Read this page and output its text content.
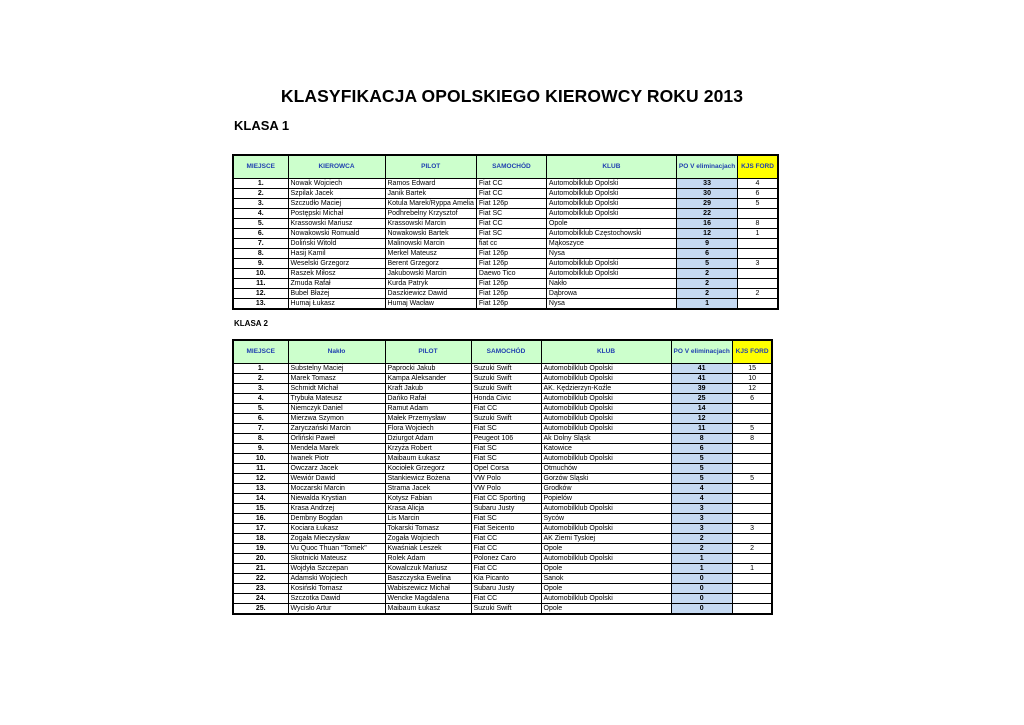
KLASYFIKACJA OPOLSKIEGO KIEROWCY ROKU 2013
KLASA 1
MIEJSCE	KIEROWCA	PILOT	SAMOCHÓD	KLUB	PO V eliminacjach	KJS FORD
1.	Nowak Wojciech	Ramos Edward	Fiat CC	Automobilklub Opolski	33	4
2.	Szpilak Jacek	Janik Bartek	Fiat CC	Automobilklub Opolski	30	6
3.	Szczudło Maciej	Kotula Marek/Ryppa Amelia	Fiat 126p	Automobilklub Opolski	29	5
4.	Postępski Michał	Podhrebelny Krzysztof	Fiat SC	Automobilklub Opolski	22	
5.	Krassowski Mariusz	Krassowski Marcin	Fiat CC	Opole	16	8
6.	Nowakowski Romuald	Nowakowski Bartek	Fiat SC	Automobilklub Częstochowski	12	1
7.	Doliński Witold	Malinowski Marcin	fiat cc	Mąkoszyce	9	
8.	Hasij Kamil	Merkel Mateusz	Fiat 126p	Nysa	6	
9.	Weselski Grzegorz	Berent Grzegorz	Fiat 126p	Automobilklub Opolski	5	3
10.	Raszek Miłosz	Jakubowski Marcin	Daewo Tico	Automobilklub Opolski	2	
11.	Zmuda Rafał	Kurda Patryk	Fiat 126p	Nakło	2	
12.	Bubel Błażej	Daszkiewicz Dawid	Fiat 126p	Dąbrowa	2	2
13.	Humaj Łukasz	Humaj Wacław	Fiat 126p	Nysa	1	
KLASA 2
MIEJSCE	Nakło	PILOT	SAMOCHÓD	KLUB	PO V eliminacjach	KJS FORD
1.	Substelny Maciej	Paprocki Jakub	Suzuki Swift	Automobilklub Opolski	41	15
2.	Marek Tomasz	Kampa Aleksander	Suzuki Swift	Automobilklub Opolski	41	10
3.	Schmidt Michał	Kraft Jakub	Suzuki Swift	AK. Kędzierzyn-Koźle	39	12
4.	Trybuła Mateusz	Dańko Rafał	Honda Civic	Automobilklub Opolski	25	6
5.	Niemczyk Daniel	Ramut Adam	Fiat CC	Automobilklub Opolski	14	
6.	Mierzwa Szymon	Małek Przemysław	Suzuki Swift	Automobilklub Opolski	12	
7.	Zaryczański Marcin	Flora Wojciech	Fiat SC	Automobilklub Opolski	11	5
8.	Orliński Paweł	Dziurgot Adam	Peugeot 106	Ak Dolny Śląsk	8	8
9.	Mendela Marek	Krzyża Robert	Fiat SC	Katowice	6	
10.	Iwanek Piotr	Maibaum Łukasz	Fiat SC	Automobilklub Opolski	5	
11.	Owczarz Jacek	Kociołek Grzegorz	Opel Corsa	Otmuchów	5	
12.	Wewiór Dawid	Stankiewicz Bożena	VW Polo	Gorzów Śląski	5	5
13.	Moczarski Marcin	Strama Jacek	VW Polo	Grodków	4	
14.	Niewalda Krystian	Kotysz Fabian	Fiat CC Sporting	Popielów	4	
15.	Krasa Andrzej	Krasa Alicja	Subaru Justy	Automobilklub Opolski	3	
16.	Dembny Bogdan	Lis Marcin	Fiat SC	Syców	3	
17.	Kociara Łukasz	Tokarski Tomasz	Fiat Seicento	Automobilklub Opolski	3	3
18.	Żogała Mieczysław	Żogała Wojciech	Fiat CC	AK Ziemi Tyskiej	2	
19.	Vu Quoc Thuan "Tomek"	Kwaśniak Leszek	Fiat CC	Opole	2	2
20.	Skotnicki Mateusz	Rolek Adam	Polonez Caro	Automobilklub Opolski	1	
21.	Wojdyła Szczepan	Kowalczuk Mariusz	Fiat CC	Opole	1	1
22.	Adamski Wojciech	Baszczyska Ewelina	Kia Picanto	Sanok	0	
23.	Kosiński Tomasz	Wabiszewicz Michał	Subaru Justy	Opole	0	
24.	Szczotka Dawid	Wencke Magdalena	Fiat CC	Automobilklub Opolski	0	
25.	Wycisło Artur	Maibaum Łukasz	Suzuki Swift	Opole	0	
